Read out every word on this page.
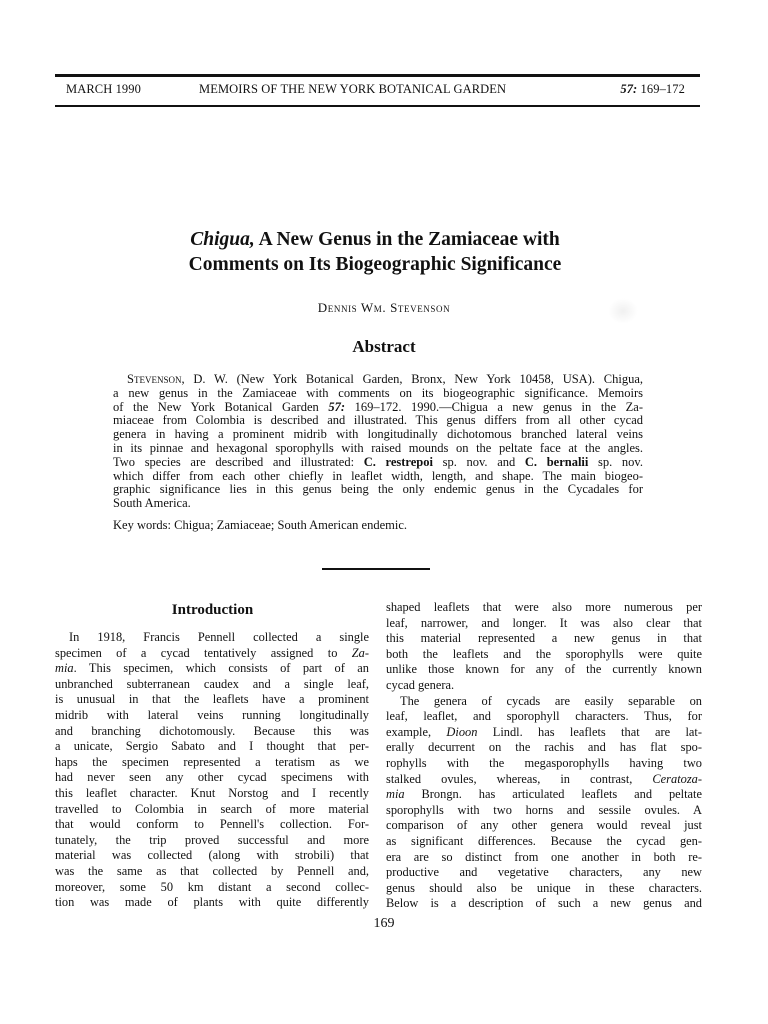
MARCH 1990	MEMOIRS OF THE NEW YORK BOTANICAL GARDEN	57: 169–172
Chigua, A New Genus in the Zamiaceae with
Comments on Its Biogeographic Significance
Dennis Wm. Stevenson
Abstract
Stevenson, D. W. (New York Botanical Garden, Bronx, New York 10458, USA). Chigua,
a new genus in the Zamiaceae with comments on its biogeographic significance. Memoirs
of the New York Botanical Garden 57: 169–172. 1990.—Chigua a new genus in the Za-
miaceae from Colombia is described and illustrated. This genus differs from all other cycad
genera in having a prominent midrib with longitudinally dichotomous branched lateral veins
in its pinnae and hexagonal sporophylls with raised mounds on the peltate face at the angles.
Two species are described and illustrated: C. restrepoi sp. nov. and C. bernalii sp. nov.
which differ from each other chiefly in leaflet width, length, and shape. The main biogeo-
graphic significance lies in this genus being the only endemic genus in the Cycadales for
South America.
Key words: Chigua; Zamiaceae; South American endemic.
Introduction
In 1918, Francis Pennell collected a single
specimen of a cycad tentatively assigned to Za-
mia. This specimen, which consists of part of an
unbranched subterranean caudex and a single leaf,
is unusual in that the leaflets have a prominent
midrib with lateral veins running longitudinally
and branching dichotomously. Because this was
a unicate, Sergio Sabato and I thought that per-
haps the specimen represented a teratism as we
had never seen any other cycad specimens with
this leaflet character. Knut Norstog and I recently
travelled to Colombia in search of more material
that would conform to Pennell's collection. For-
tunately, the trip proved successful and more
material was collected (along with strobili) that
was the same as that collected by Pennell and,
moreover, some 50 km distant a second collec-
tion was made of plants with quite differently
shaped leaflets that were also more numerous per
leaf, narrower, and longer. It was also clear that
this material represented a new genus in that
both the leaflets and the sporophylls were quite
unlike those known for any of the currently known
cycad genera.
The genera of cycads are easily separable on
leaf, leaflet, and sporophyll characters. Thus, for
example, Dioon Lindl. has leaflets that are lat-
erally decurrent on the rachis and has flat spo-
rophylls with the megasporophylls having two
stalked ovules, whereas, in contrast, Ceratoza-
mia Brongn. has articulated leaflets and peltate
sporophylls with two horns and sessile ovules. A
comparison of any other genera would reveal just
as significant differences. Because the cycad gen-
era are so distinct from one another in both re-
productive and vegetative characters, any new
genus should also be unique in these characters.
Below is a description of such a new genus and
169
